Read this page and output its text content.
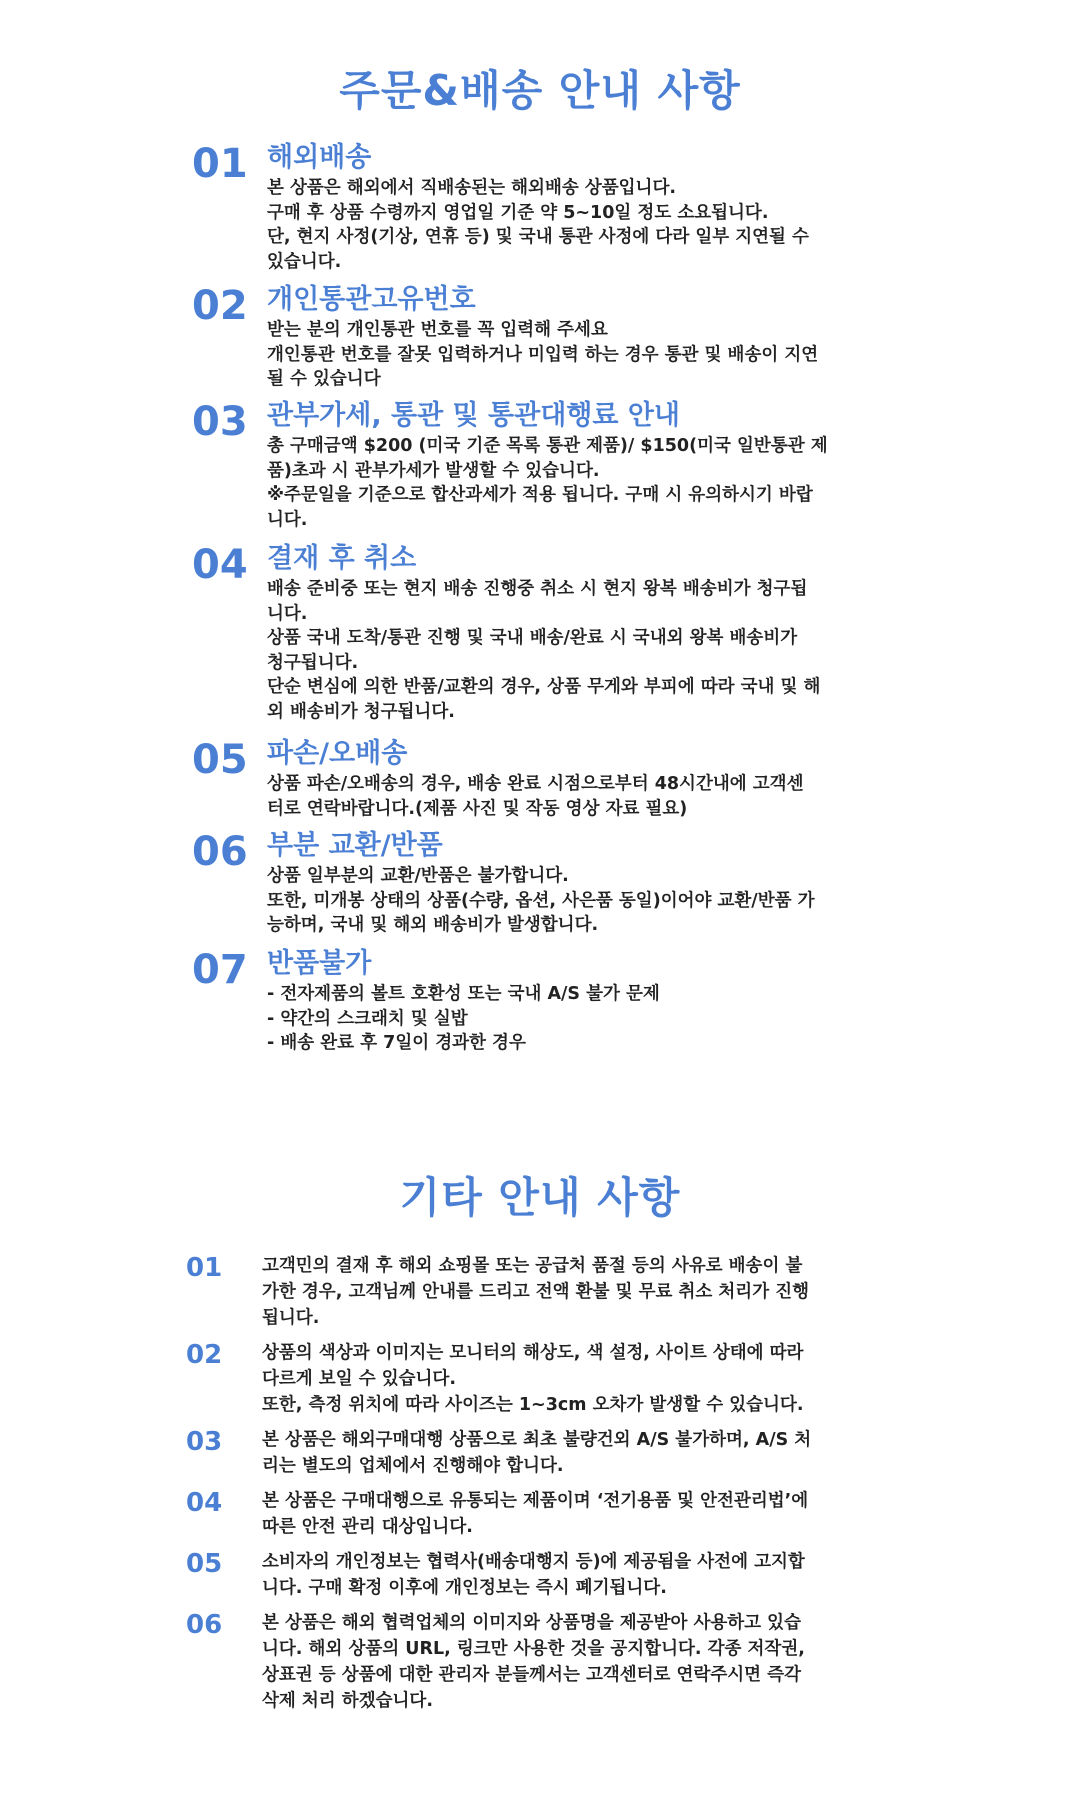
주문&배송 안내 사항
01 해외배송

본 상품은 해외에서 직배송된는 해외배송 상품입니다.
구매 후 상품 수령까지 영업일 기준 약 5~10일 정도 소요됩니다.
단, 현지 사정(기상, 연휴 등) 및 국내 통관 사정에 다라 일부 지연될 수
있습니다.

02 개인통관고유번호

받는 분의 개인통관 번호를 꼭 입력해 주세요
개인통관 번호를 잘못 입력하거나 미입력 하는 경우 통관 및 배송이 지연
될 수 있습니다

03 관부가세, 통관 및 통관대행료 안내

총 구매금액 $200 (미국 기준 목록 통관 제품)/ $150(미국 일반통관 제
품)초과 시 관부가세가 발생할 수 있습니다.
※주문일을 기준으로 합산과세가 적용 됩니다. 구매 시 유의하시기 바랍
니다.

04 결재 후 취소

배송 준비중 또는 현지 배송 진행중 취소 시 현지 왕복 배송비가 청구됩
니다.
상품 국내 도착/통관 진행 및 국내 배송/완료 시 국내외 왕복 배송비가
청구됩니다.
단순 변심에 의한 반품/교환의 경우, 상품 무게와 부피에 따라 국내 및 해
외 배송비가 청구됩니다.

05 파손/오배송

상품 파손/오배송의 경우, 배송 완료 시점으로부터 48시간내에 고객센
터로 연락바랍니다.(제품 사진 및 작동 영상 자료 필요)

06 부분 교환/반품

상품 일부분의 교환/반품은 불가합니다.
또한, 미개봉 상태의 상품(수량, 옵션, 사은품 동일)이어야 교환/반품 가
능하며, 국내 및 해외 배송비가 발생합니다.

07 반품불가

- 전자제품의 볼트 호환성 또는 국내 A/S 불가 문제
- 약간의 스크래치 및 실밥
- 배송 완료 후 7일이 경과한 경우

기타 안내 사항
01 고객민의 결재 후 해외 쇼핑몰 또는 공급처 품절 등의 사유로 배송이 불
가한 경우, 고객님께 안내를 드리고 전액 환불 및 무료 취소 처리가 진행
됩니다.

02 상품의 색상과 이미지는 모니터의 해상도, 색 설정, 사이트 상태에 따라
다르게 보일 수 있습니다.
또한, 측정 위치에 따라 사이즈는 1~3cm 오차가 발생할 수 있습니다.

03 본 상품은 해외구매대행 상품으로 최초 불량건외 A/S 불가하며, A/S 처
리는 별도의 업체에서 진행해야 합니다.

04 본 상품은 구매대행으로 유통되는 제품이며 ‘전기용품 및 안전관리법’에
따른 안전 관리 대상입니다.

05 소비자의 개인정보는 협력사(배송대행지 등)에 제공됨을 사전에 고지합
니다. 구매 확정 이후에 개인정보는 즉시 폐기됩니다.

06 본 상품은 해외 협력업체의 이미지와 상품명을 제공받아 사용하고 있습
니다. 해외 상품의 URL, 링크만 사용한 것을 공지합니다. 각종 저작권,
상표권 등 상품에 대한 관리자 분들께서는 고객센터로 연락주시면 즉각
삭제 처리 하겠습니다.
